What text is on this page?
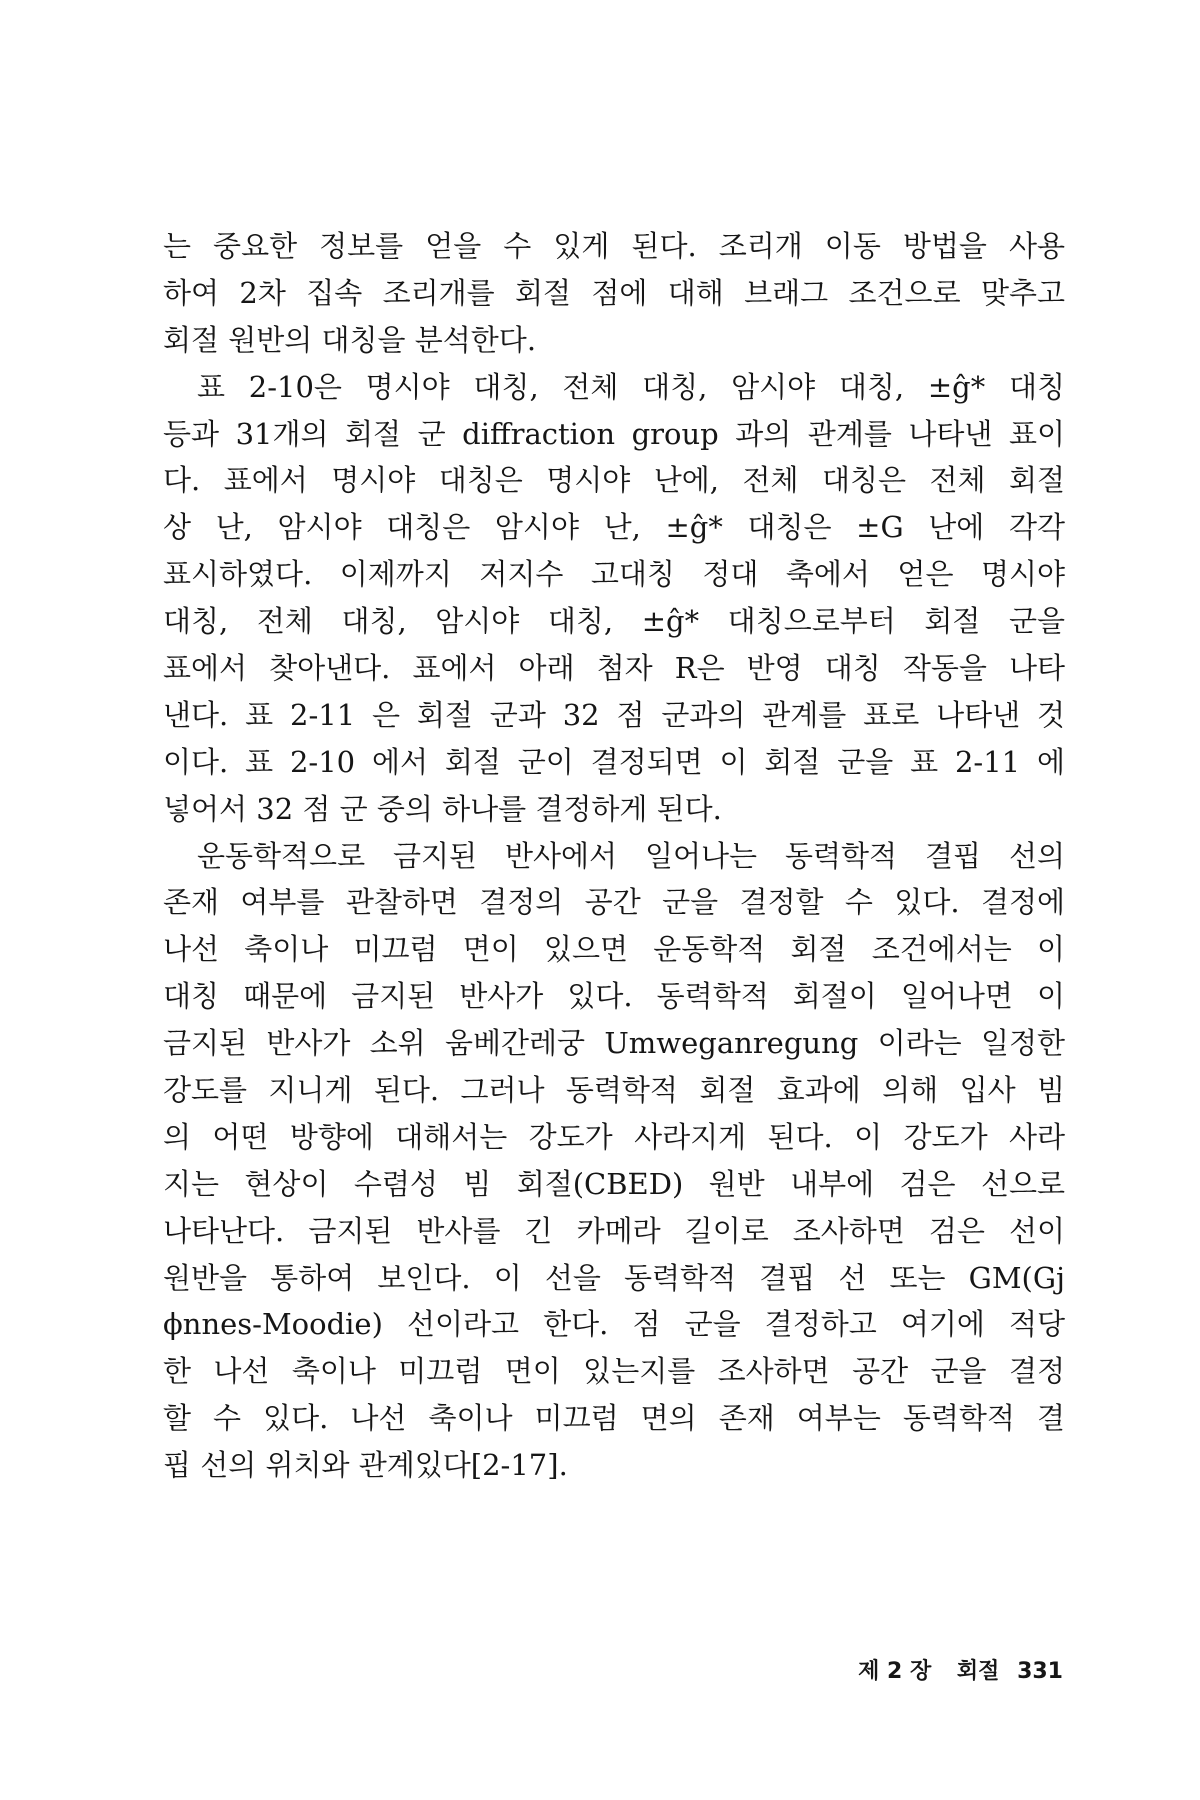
는 중요한 정보를 얻을 수 있게 된다. 조리개 이동 방법을 사용
하여 2차 집속 조리개를 회절 점에 대해 브래그 조건으로 맞추고
회절 원반의 대칭을 분석한다.
표 2-10은 명시야 대칭, 전체 대칭, 암시야 대칭, ±ĝ* 대칭
등과 31개의 회절 군 diffraction group 과의 관계를 나타낸 표이
다. 표에서 명시야 대칭은 명시야 난에, 전체 대칭은 전체 회절
상 난, 암시야 대칭은 암시야 난, ±ĝ* 대칭은 ±G 난에 각각
표시하였다. 이제까지 저지수 고대칭 정대 축에서 얻은 명시야
대칭, 전체 대칭, 암시야 대칭, ±ĝ* 대칭으로부터 회절 군을
표에서 찾아낸다. 표에서 아래 첨자 R은 반영 대칭 작동을 나타
낸다. 표 2-11 은 회절 군과 32 점 군과의 관계를 표로 나타낸 것
이다. 표 2-10 에서 회절 군이 결정되면 이 회절 군을 표 2-11 에
넣어서 32 점 군 중의 하나를 결정하게 된다.
운동학적으로 금지된 반사에서 일어나는 동력학적 결핍 선의
존재 여부를 관찰하면 결정의 공간 군을 결정할 수 있다. 결정에
나선 축이나 미끄럼 면이 있으면 운동학적 회절 조건에서는 이
대칭 때문에 금지된 반사가 있다. 동력학적 회절이 일어나면 이
금지된 반사가 소위 움베간레궁 Umweganregung 이라는 일정한
강도를 지니게 된다. 그러나 동력학적 회절 효과에 의해 입사 빔
의 어떤 방향에 대해서는 강도가 사라지게 된다. 이 강도가 사라
지는 현상이 수렴성 빔 회절(CBED) 원반 내부에 검은 선으로
나타난다. 금지된 반사를 긴 카메라 길이로 조사하면 검은 선이
원반을 통하여 보인다. 이 선을 동력학적 결핍 선 또는 GM(Gj
ϕnnes-Moodie) 선이라고 한다. 점 군을 결정하고 여기에 적당
한 나선 축이나 미끄럼 면이 있는지를 조사하면 공간 군을 결정
할 수 있다. 나선 축이나 미끄럼 면의 존재 여부는 동력학적 결
핍 선의 위치와 관계있다[2-17].
제 2 장 회절 331
